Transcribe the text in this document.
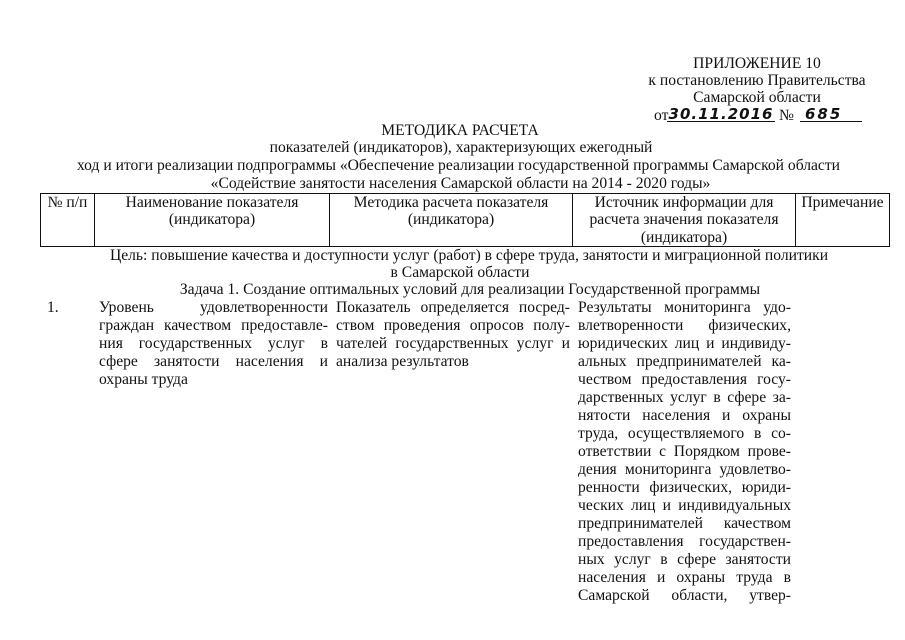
ПРИЛОЖЕНИЕ 10
к постановлению Правительства
Самарской области
от 30.11.2016 № 685
МЕТОДИКА РАСЧЕТА
показателей (индикаторов), характеризующих ежегодный
ход и итоги реализации подпрограммы «Обеспечение реализации государственной программы Самарской области
«Содействие занятости населения Самарской области на 2014 - 2020 годы»
№ п/п	Наименование показателя
(индикатора)
Методика расчета показателя
(индикатора)
Источник информации для
расчета значения показателя
(индикатора)
Примечание
Цель: повышение качества и доступности услуг (работ) в сфере труда, занятости и миграционной политики
в Самарской области
Задача 1. Создание оптимальных условий для реализации Государственной программы
1.	Уровень удовлетворенности
граждан качеством предоставле-
ния государственных услуг в
сфере занятости населения и
охраны труда
Показатель определяется посред-
ством проведения опросов полу-
чателей государственных услуг и
анализа результатов
Результаты мониторинга удо-
влетворенности физических,
юридических лиц и индивиду-
альных предпринимателей ка-
чеством предоставления госу-
дарственных услуг в сфере за-
нятости населения и охраны
труда, осуществляемого в со-
ответствии с Порядком прове-
дения мониторинга удовлетво-
ренности физических, юриди-
ческих лиц и индивидуальных
предпринимателей качеством
предоставления государствен-
ных услуг в сфере занятости
населения и охраны труда в
Самарской области, утвер-
